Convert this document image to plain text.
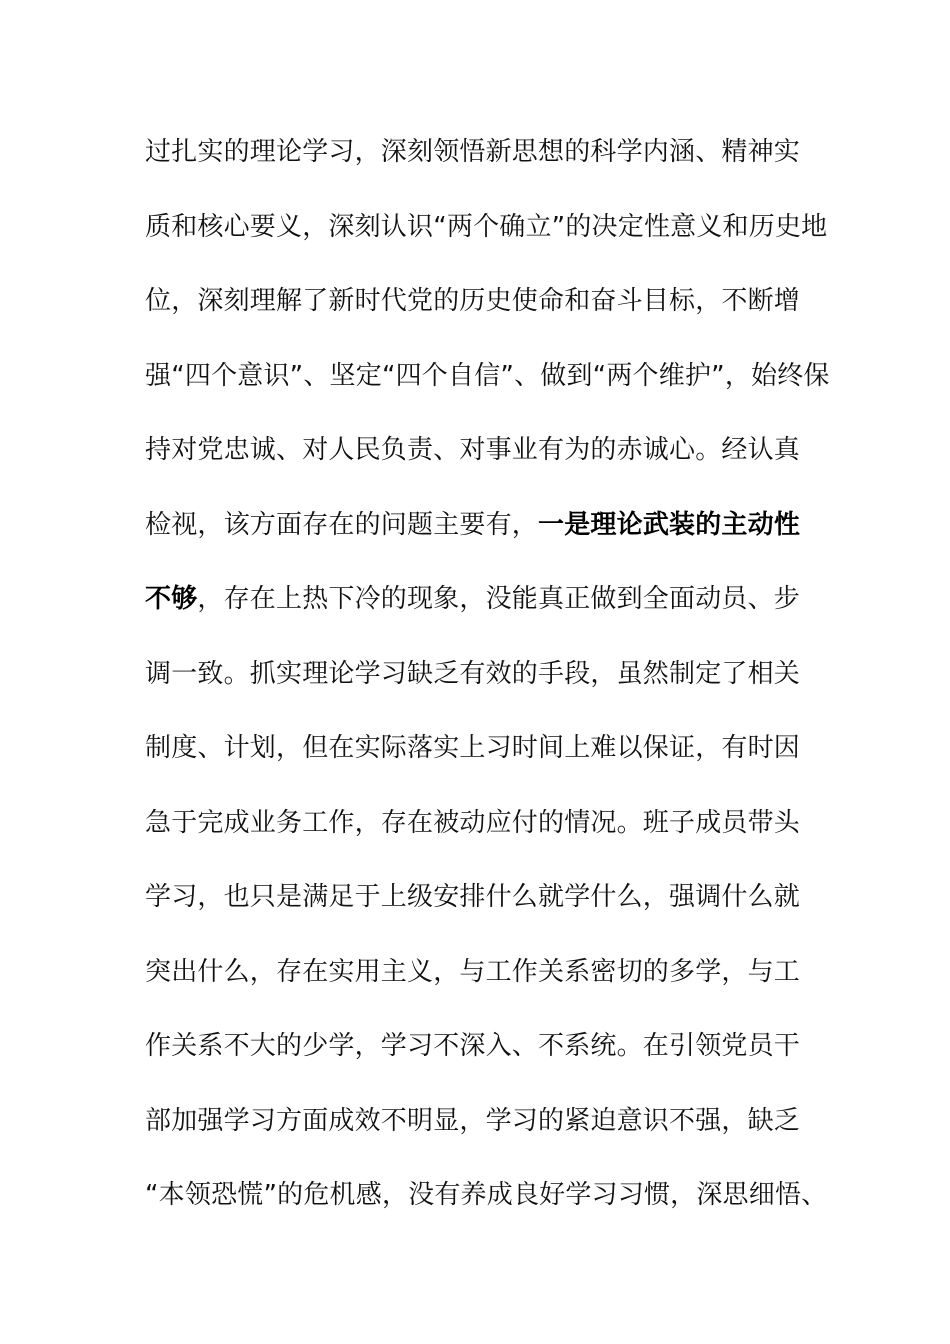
过扎实的理论学习，深刻领悟新思想的科学内涵、精神实
质和核心要义，深刻认识“两个确立”的决定性意义和历史地
位，深刻理解了新时代党的历史使命和奋斗目标，不断增
强“四个意识”、坚定“四个自信”、做到“两个维护”，始终保
持对党忠诚、对人民负责、对事业有为的赤诚心。经认真
检视，该方面存在的问题主要有，一是理论武装的主动性
不够，存在上热下冷的现象，没能真正做到全面动员、步
调一致。抓实理论学习缺乏有效的手段，虽然制定了相关
制度、计划，但在实际落实上习时间上难以保证，有时因
急于完成业务工作，存在被动应付的情况。班子成员带头
学习，也只是满足于上级安排什么就学什么，强调什么就
突出什么，存在实用主义，与工作关系密切的多学，与工
作关系不大的少学，学习不深入、不系统。在引领党员干
部加强学习方面成效不明显，学习的紧迫意识不强，缺乏
“本领恐慌”的危机感，没有养成良好学习习惯，深思细悟、
